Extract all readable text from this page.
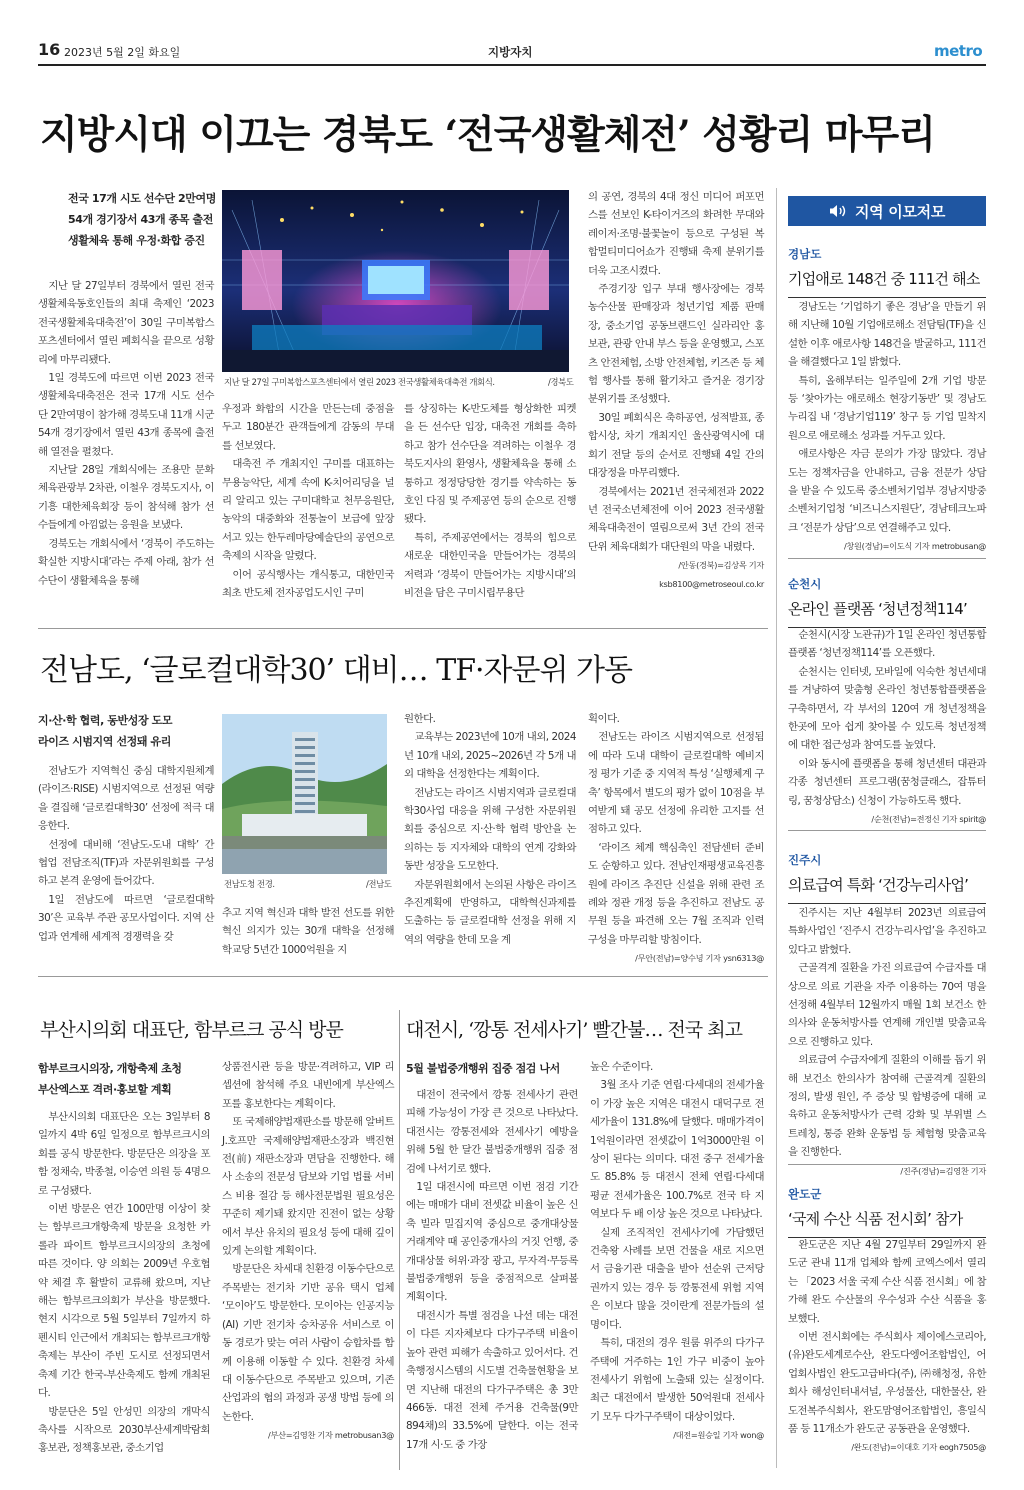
16 2023년 5월 2일 화요일	지방자치	metro
지방시대 이끄는 경북도 ‘전국생활체전’ 성황리 마무리
전국 17개 시도 선수단 2만여명
54개 경기장서 43개 종목 출전
생활체육 통해 우정·화합 증진

지난 달 27일부터 경북에서 열린 전국 생활체육동호인들의 최대 축제인 ‘2023 전국생활체육대축전’이 30일 구미복합스포츠센터에서 열린 폐회식을 끝으로 성황리에 마무리됐다.

1일 경북도에 따르면 이번 2023 전국생활체육대축전은 전국 17개 시도 선수단 2만여명이 참가해 경북도내 11개 시군 54개 경기장에서 열린 43개 종목에 출전해 열전을 펼쳤다.

지난달 28일 개회식에는 조용만 문화체육관광부 2차관, 이철우 경북도지사, 이기흥 대한체육회장 등이 참석해 참가 선수들에게 아낌없는 응원을 보냈다.

경북도는 개회식에서 ‘경북이 주도하는 확실한 지방시대’라는 주제 아래, 참가 선수단이 생활체육을 통해

지난 달 27일 구미복합스포츠센터에서 열린 2023 전국생활체육대축전 개회식.	/경북도

우정과 화합의 시간을 만든는데 중점을 두고 180분간 관객들에게 감동의 무대를 선보였다.

대축전 주 개최지인 구미를 대표하는 무용능악단, 세계 속에 K-치어리딩을 널리 알리고 있는 구미대학교 천무응원단, 농악의 대중화와 전통놀이 보급에 앞장서고 있는 한두레마당예술단의 공연으로 축제의 시작을 알렸다.

이어 공식행사는 개식통고, 대한민국 최초 반도체 전자공업도시인 구미

를 상징하는 K-반도체를 형상화한 피켓을 든 선수단 입장, 대축전 개회를 축하하고 참가 선수단을 격려하는 이철우 경북도지사의 환영사, 생활체육을 통해 소통하고 정정당당한 경기를 약속하는 동호인 다짐 및 주제공연 등의 순으로 진행됐다.

특히, 주제공연에서는 경북의 힘으로 새로운 대한민국을 만들어가는 경북의 저력과 ‘경북이 만들어가는 지방시대’의 비전을 담은 구미시립무용단

의 공연, 경북의 4대 정신 미디어 퍼포먼스를 선보인 K-타이거즈의 화려한 무대와 레이저·조명·불꽃놀이 등으로 구성된 복합멀티미디어쇼가 진행돼 축제 분위기를 더욱 고조시켰다.

주경기장 입구 부대 행사장에는 경북 농수산물 판매장과 청년기업 제품 판매장, 중소기업 공동브랜드인 실라리안 홍보관, 관광 안내 부스 등을 운영했고, 스포츠 안전체험, 소방 안전체험, 키즈존 등 체험 행사를 통해 활기차고 즐거운 경기장 분위기를 조성했다.

30일 폐회식은 축하공연, 성적발표, 종합시상, 차기 개최지인 울산광역시에 대회기 전달 등의 순서로 진행돼 4일 간의 대장정을 마무리했다.

경북에서는 2021년 전국체전과 2022년 전국소년체전에 이어 2023 전국생활체육대축전이 열림으로써 3년 간의 전국단위 체육대회가 대단원의 막을 내렸다.

/안동(경북)=김상목 기자
ksb8100@metroseoul.co.kr
전남도, ‘글로컬대학30’ 대비… TF·자문위 가동
지·산·학 협력, 동반성장 도모
라이즈 시범지역 선정돼 유리

전남도가 지역혁신 중심 대학지원체계(라이즈·RISE) 시범지역으로 선정된 역량을 결집해 ‘글로컬대학30’ 선정에 적극 대응한다.

선정에 대비해 ‘전남도-도내 대학’ 간 협업 전담조직(TF)과 자문위원회를 구성하고 본격 운영에 들어갔다.

1일 전남도에 따르면 ‘글로컬대학30’은 교육부 주관 공모사업이다. 지역 산업과 연계해 세계적 경쟁력을 갖

전남도청 전경.	/전남도

추고 지역 혁신과 대학 발전 선도를 위한 혁신 의지가 있는 30개 대학을 선정해 학교당 5년간 1000억원을 지

원한다.

교육부는 2023년에 10개 내외, 2024년 10개 내외, 2025~2026년 각 5개 내외 대학을 선정한다는 계획이다.

전남도는 라이즈 시범지역과 글로컬대학30사업 대응을 위해 구성한 자문위원회를 중심으로 지·산·학 협력 방안을 논의하는 등 지자체와 대학의 연계 강화와 동반 성장을 도모한다.

자문위원회에서 논의된 사항은 라이즈 추진계획에 반영하고, 대학혁신과제를 도출하는 등 글로컬대학 선정을 위해 지역의 역량을 한데 모을 계

획이다.

전남도는 라이즈 시범지역으로 선정됨에 따라 도내 대학이 글로컬대학 예비지정 평가 기준 중 지역적 특성 ‘실행체계 구축’ 항목에서 별도의 평가 없이 10점을 부여받게 돼 공모 선정에 유리한 고지를 선점하고 있다.

‘라이즈 체계 핵심축인 전담센터 준비도 순항하고 있다. 전남인재평생교육진흥원에 라이즈 추진단 신설을 위해 관련 조례와 정관 개정 등을 추진하고 전남도 공무원 등을 파견해 오는 7월 조직과 인력 구성을 마무리할 방침이다.

/무안(전남)=양수녕 기자 ysn6313@
부산시의회 대표단, 함부르크 공식 방문
함부르크시의장, 개항축제 초청
부산엑스포 격려·홍보할 계획

부산시의회 대표단은 오는 3일부터 8일까지 4박 6일 일정으로 함부르크시의회를 공식 방문한다. 방문단은 의장을 포함 정채숙, 박종철, 이승연 의원 등 4명으로 구성됐다.

이번 방문은 연간 100만명 이상이 찾는 함부르크개항축제 방문을 요청한 카롤라 파이트 함부르크시의장의 초청에 따른 것이다. 양 의회는 2009년 우호협약 체결 후 활발히 교류해 왔으며, 지난해는 함부르크의회가 부산을 방문했다. 현지 시각으로 5월 5일부터 7일까지 하펜시티 인근에서 개최되는 함부르크개항축제는 부산이 주빈 도시로 선정되면서 축제 기간 한국-부산축제도 함께 개최된다.

방문단은 5일 안성민 의장의 개막식 축사를 시작으로 2030부산세계박람회 홍보관, 정책홍보관, 중소기업

상품전시관 등을 방문·격려하고, VIP 리셉션에 참석해 주요 내빈에게 부산엑스포를 홍보한다는 계획이다.

또 국제해양법재판소를 방문해 알버트 J.호프만 국제해양법재판소장과 백진현 전(前) 재판소장과 면담을 진행한다. 해사 소송의 전문성 담보와 기업 법률 서비스 비용 절감 등 해사전문법원 필요성은 꾸준히 제기돼 왔지만 진전이 없는 상황에서 부산 유치의 필요성 등에 대해 깊이 있게 논의할 계획이다.

방문단은 차세대 친환경 이동수단으로 주목받는 전기차 기반 공유 택시 업체 ‘모이아’도 방문한다. 모이아는 인공지능(AI) 기반 전기차 승차공유 서비스로 이동 경로가 맞는 여러 사람이 승합차를 함께 이용해 이동할 수 있다. 친환경 차세대 이동수단으로 주목받고 있으며, 기존 산업과의 협의 과정과 공생 방법 등에 의논한다.

/부산=김영찬 기자 metrobusan3@
대전시, ‘깡통 전세사기’ 빨간불… 전국 최고
5월 불법중개행위 집중 점검 나서

대전이 전국에서 깡통 전세사기 관련 피해 가능성이 가장 큰 것으로 나타났다. 대전시는 깡통전세와 전세사기 예방을 위해 5월 한 달간 불법중개행위 집중 점검에 나서기로 했다.

1일 대전시에 따르면 이번 점검 기간에는 매매가 대비 전셋값 비율이 높은 신축 빌라 밀집지역 중심으로 중개대상물 거래계약 때 공인중개사의 거짓 언행, 중개대상물 허위·과장 광고, 무자격·무등록 불법중개행위 등을 중점적으로 살펴볼 계획이다.

대전시가 특별 점검을 나선 데는 대전이 다른 지자체보다 다가구주택 비율이 높아 관련 피해가 속출하고 있어서다. 건축행정시스템의 시도별 건축물현황을 보면 지난해 대전의 다가구주택은 총 3만466동. 대전 전체 주거용 건축물(9만894채)의 33.5%에 달한다. 이는 전국 17개 시·도 중 가장

높은 수준이다.

3월 조사 기준 연립·다세대의 전세가율이 가장 높은 지역은 대전시 대덕구로 전세가율이 131.8%에 달했다. 매매가격이 1억원이라면 전셋값이 1억3000만원 이상이 된다는 의미다. 대전 중구 전세가율도 85.8% 등 대전시 전체 연립·다세대 평균 전세가율은 100.7%로 전국 타 지역보다 두 배 이상 높은 것으로 나타났다.

실제 조직적인 전세사기에 가담했던 건축왕 사례를 보면 건물을 새로 지으면서 금융기관 대출을 받아 선순위 근저당권까지 있는 경우 등 깡통전세 위험 지역은 이보다 많을 것이란게 전문가들의 설명이다.

특히, 대전의 경우 원룸 위주의 다가구 주택에 거주하는 1인 가구 비중이 높아 전세사기 위험에 노출돼 있는 실정이다. 최근 대전에서 발생한 50억원대 전세사기 모두 다가구주택이 대상이었다.

/대전=원승일 기자 won@
지역 이모저모
경남도
기업애로 148건 중 111건 해소

경남도는 ‘기업하기 좋은 경남’을 만들기 위해 지난해 10월 기업애로해소 전담팀(TF)을 신설한 이후 애로사항 148건을 발굴하고, 111건을 해결했다고 1일 밝혔다.

특히, 올해부터는 일주일에 2개 기업 방문 등 ‘찾아가는 애로해소 현장기동반’ 및 경남도 누리집 내 ‘경남기업119’ 창구 등 기업 밀착지원으로 애로해소 성과를 거두고 있다.

애로사항은 자금 문의가 가장 많았다. 경남도는 정책자금을 안내하고, 금융 전문가 상담을 받을 수 있도록 중소벤처기업부 경남지방중소벤처기업청 ‘비즈니스지원단’, 경남테크노파크 ‘전문가 상담’으로 연결해주고 있다.

/창원(경남)=이도식 기자 metrobusan@
순천시
온라인 플랫폼 ‘청년정책114’

순천시(시장 노관규)가 1일 온라인 청년통합플랫폼 ‘청년정책114’를 오픈했다.

순천시는 인터넷, 모바일에 익숙한 청년세대를 겨냥하여 맞춤형 온라인 청년통합플랫폼을 구축하면서, 각 부서의 120여 개 청년정책을 한곳에 모아 쉽게 찾아볼 수 있도록 청년정책에 대한 접근성과 참여도를 높였다.

이와 동시에 플랫폼을 통해 청년센터 대관과 각종 청년센터 프로그램(꿈청클래스, 잡튜터링, 꿈청상담소) 신청이 가능하도록 했다.

/순천(전남)=전정신 기자 spirit@
진주시
의료급여 특화 ‘건강누리사업’

진주시는 지난 4월부터 2023년 의료급여 특화사업인 ‘진주시 건강누리사업’을 추진하고 있다고 밝혔다.

근골격계 질환을 가진 의료급여 수급자를 대상으로 의료 기관을 자주 이용하는 70여 명을 선정해 4월부터 12월까지 매월 1회 보건소 한의사와 운동처방사를 연계해 개인별 맞춤교육으로 진행하고 있다.

의료급여 수급자에게 질환의 이해를 돕기 위해 보건소 한의사가 참여해 근골격계 질환의 정의, 발생 원인, 주 증상 및 합병증에 대해 교육하고 운동처방사가 근력 강화 및 부위별 스트레칭, 통증 완화 운동법 등 체험형 맞춤교육을 진행한다.

/진주(경남)=김영찬 기자
완도군
‘국제 수산 식품 전시회’ 참가

완도군은 지난 4월 27일부터 29일까지 완도군 관내 11개 업체와 함께 코엑스에서 열리는 「2023 서울 국제 수산 식품 전시회」에 참가해 완도 수산물의 우수성과 수산 식품을 홍보했다.

이번 전시회에는 주식회사 제이에스코리아, (유)완도세계로수산, 완도다엥어조합법인, 어업회사법인 완도고급바다(주), ㈜해청정, 유한회사 해성인터내셔널, 우성물산, 대한물산, 완도전복주식회사, 완도맘영어조합법인, 흥일식품 등 11개소가 완도군 공동관을 운영했다.

/완도(전남)=이대호 기자 eogh7505@
